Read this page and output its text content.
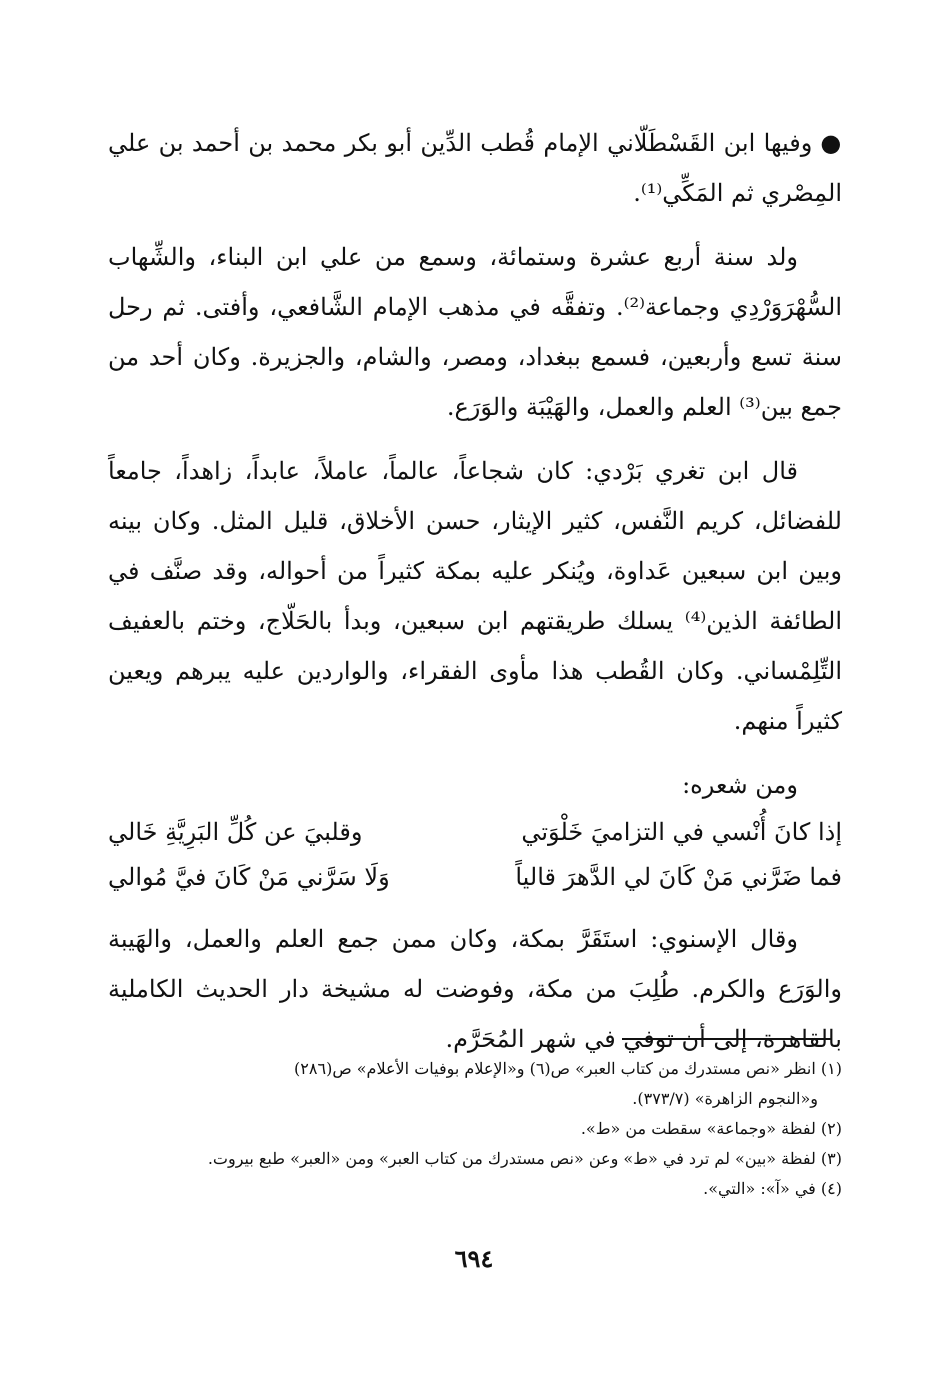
●وفيها ابن القَسْطَلّاني الإمام قُطب الدِّين أبو بكر محمد بن أحمد بن علي المِصْري ثم المَكِّي⁽¹⁾.

ولد سنة أربع عشرة وستمائة، وسمع من علي ابن البناء، والشِّهاب السُّهْرَوَرْدِي وجماعة⁽²⁾. وتفقَّه في مذهب الإمام الشَّافعي، وأفتى. ثم رحل سنة تسع وأربعين، فسمع ببغداد، ومصر، والشام، والجزيرة. وكان أحد من جمع بين⁽³⁾ العلم والعمل، والهَيْبَة والوَرَع.

قال ابن تغري بَرْدي: كان شجاعاً، عالماً، عاملاً، عابداً، زاهداً، جامعاً للفضائل، كريم النَّفس، كثير الإيثار، حسن الأخلاق، قليل المثل. وكان بينه وبين ابن سبعين عَداوة، ويُنكر عليه بمكة كثيراً من أحواله، وقد صنَّف في الطائفة الذين⁽⁴⁾ يسلك طريقتهم ابن سبعين، وبدأ بالحَلّاج، وختم بالعفيف التِّلِمْساني. وكان القُطب هذا مأوى الفقراء، والواردين عليه يبرهم ويعين كثيراً منهم.

ومن شعره:

إذا كانَ أُنْسي في التزاميَ خَلْوَتي
وقلبيَ عن كُلِّ البَرِيَّةِ خَالي
فما ضَرَّني مَنْ كَانَ لي الدَّهرَ قالياً
وَلَا سَرَّني مَنْ كَانَ فيَّ مُوالي

وقال الإسنوي: استَقَرَّ بمكة، وكان ممن جمع العلم والعمل، والهَيبة والوَرَع والكرم. طُلِبَ من مكة، وفوضت له مشيخة دار الحديث الكاملية بالقاهرة، إلى أن توفي في شهر المُحَرَّم.

(١) انظر «نص مستدرك من كتاب العبر» ص(٦) و«الإعلام بوفيات الأعلام» ص(٢٨٦)

و«النجوم الزاهرة» (٣٧٣/٧).

(٢) لفظة «وجماعة» سقطت من «ط».

(٣) لفظة «بين» لم ترد في «ط» وعن «نص مستدرك من كتاب العبر» ومن «العبر» طبع بيروت.

(٤) في «آ»: «التي».

٦٩٤
